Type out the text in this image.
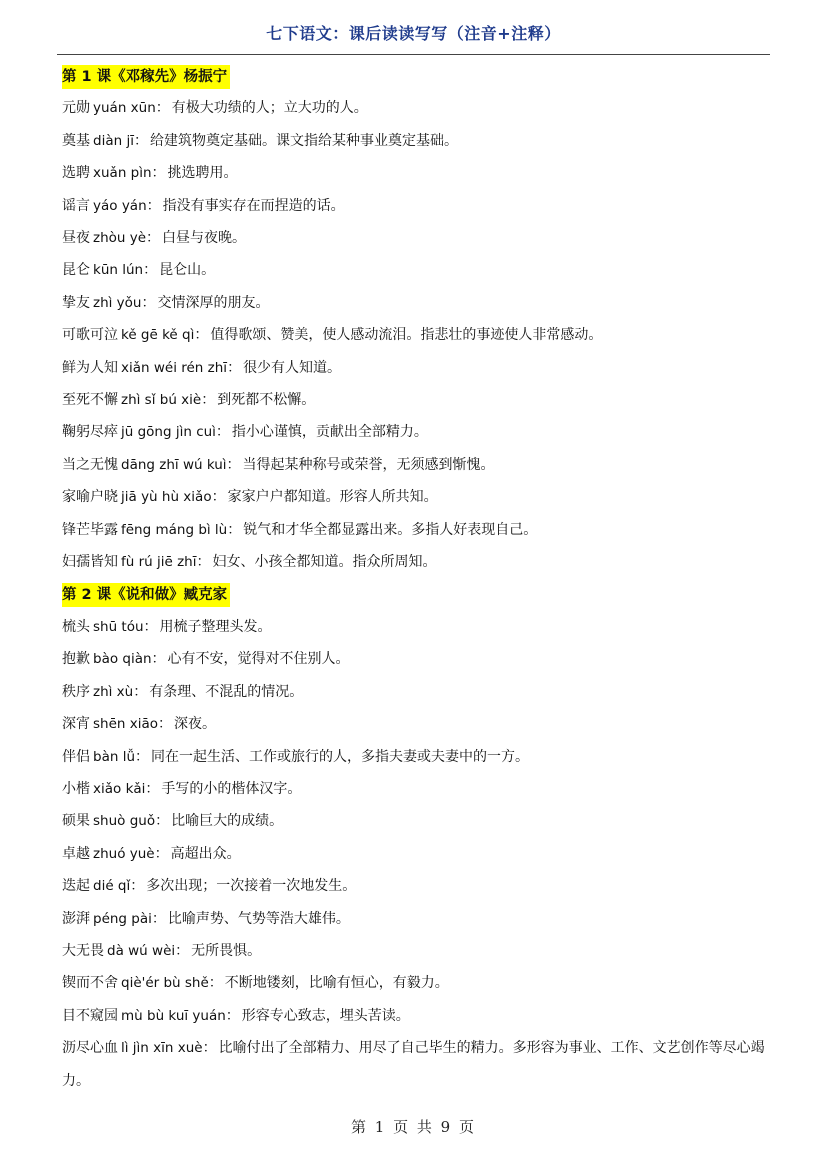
七下语文：课后读读写写（注音+注释）
第 1 课《邓稼先》杨振宁
元勋 yuán xūn： 有极大功绩的人；立大功的人。
奠基 diàn jī： 给建筑物奠定基础。课文指给某种事业奠定基础。
选聘 xuǎn pìn： 挑选聘用。
谣言 yáo yán： 指没有事实存在而捏造的话。
昼夜 zhòu yè： 白昼与夜晚。
昆仑 kūn lún： 昆仑山。
挚友 zhì yǒu： 交情深厚的朋友。
可歌可泣 kě gē kě qì： 值得歌颂、赞美，使人感动流泪。指悲壮的事迹使人非常感动。
鲜为人知 xiǎn wéi rén zhī： 很少有人知道。
至死不懈 zhì sǐ bú xiè： 到死都不松懈。
鞠躬尽瘁 jū gōng jìn cuì： 指小心谨慎，贡献出全部精力。
当之无愧 dāng zhī wú kuì： 当得起某种称号或荣誉，无须感到惭愧。
家喻户晓 jiā yù hù xiǎo： 家家户户都知道。形容人所共知。
锋芒毕露 fēng máng bì lù： 锐气和才华全都显露出来。多指人好表现自己。
妇孺皆知 fù rú jiē zhī： 妇女、小孩全都知道。指众所周知。
第 2 课《说和做》臧克家
梳头 shū tóu： 用梳子整理头发。
抱歉 bào qiàn： 心有不安，觉得对不住别人。
秩序 zhì xù： 有条理、不混乱的情况。
深宵 shēn xiāo： 深夜。
伴侣 bàn lǚ： 同在一起生活、工作或旅行的人，多指夫妻或夫妻中的一方。
小楷 xiǎo kǎi： 手写的小的楷体汉字。
硕果 shuò guǒ： 比喻巨大的成绩。
卓越 zhuó yuè： 高超出众。
迭起 dié qǐ： 多次出现；一次接着一次地发生。
澎湃 péng pài： 比喻声势、气势等浩大雄伟。
大无畏 dà wú wèi： 无所畏惧。
锲而不舍 qiè'ér bù shě： 不断地镂刻，比喻有恒心，有毅力。
目不窥园 mù bù kuī yuán： 形容专心致志，埋头苦读。
沥尽心血 lì jìn xīn xuè： 比喻付出了全部精力、用尽了自己毕生的精力。多形容为事业、工作、文艺创作等尽心竭力。
第 1 页 共 9 页
